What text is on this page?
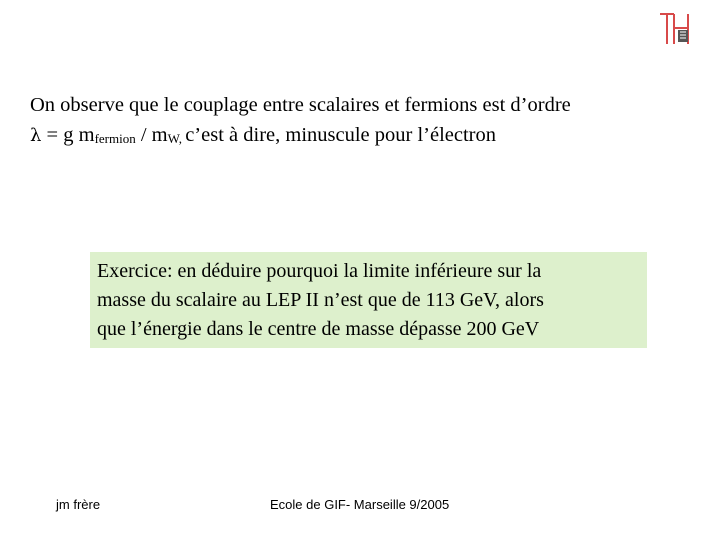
On observe que le couplage entre scalaires et fermions est d’ordre
λ = g mfermion / mW, c’est à dire, minuscule pour l’électron
Exercice: en déduire pourquoi la limite inférieure sur la
masse du scalaire au LEP II n’est que de 113 GeV, alors
que l’énergie dans le centre de masse dépasse 200 GeV
jm frère	Ecole de GIF- Marseille 9/2005
